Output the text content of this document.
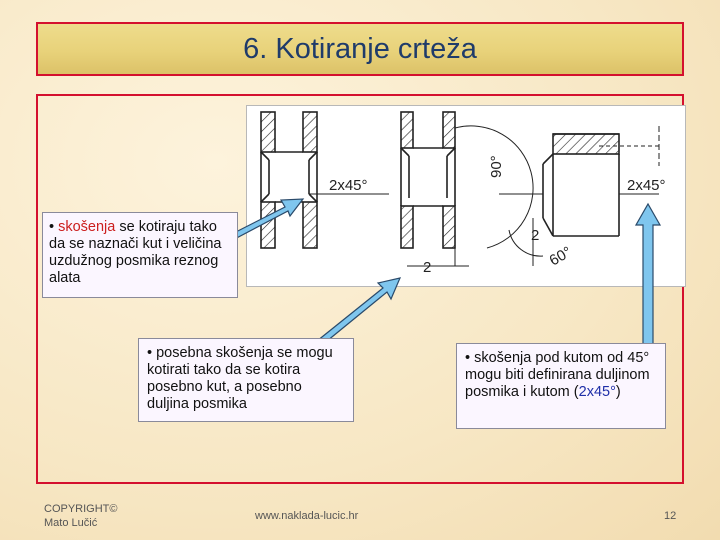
6. Kotiranje crteža
2x45°	2x45°
90°
60°
2
2
• skošenja se kotiraju tako da se naznači kut i veličina uzdužnog posmika reznog alata
• posebna skošenja se mogu kotirati tako da se kotira posebno kut, a posebno duljina posmika
• skošenja pod kutom od 45° mogu biti definirana duljinom posmika i kutom (2x45°)
COPYRIGHT©
Mato Lučić
www.naklada-lucic.hr	12
